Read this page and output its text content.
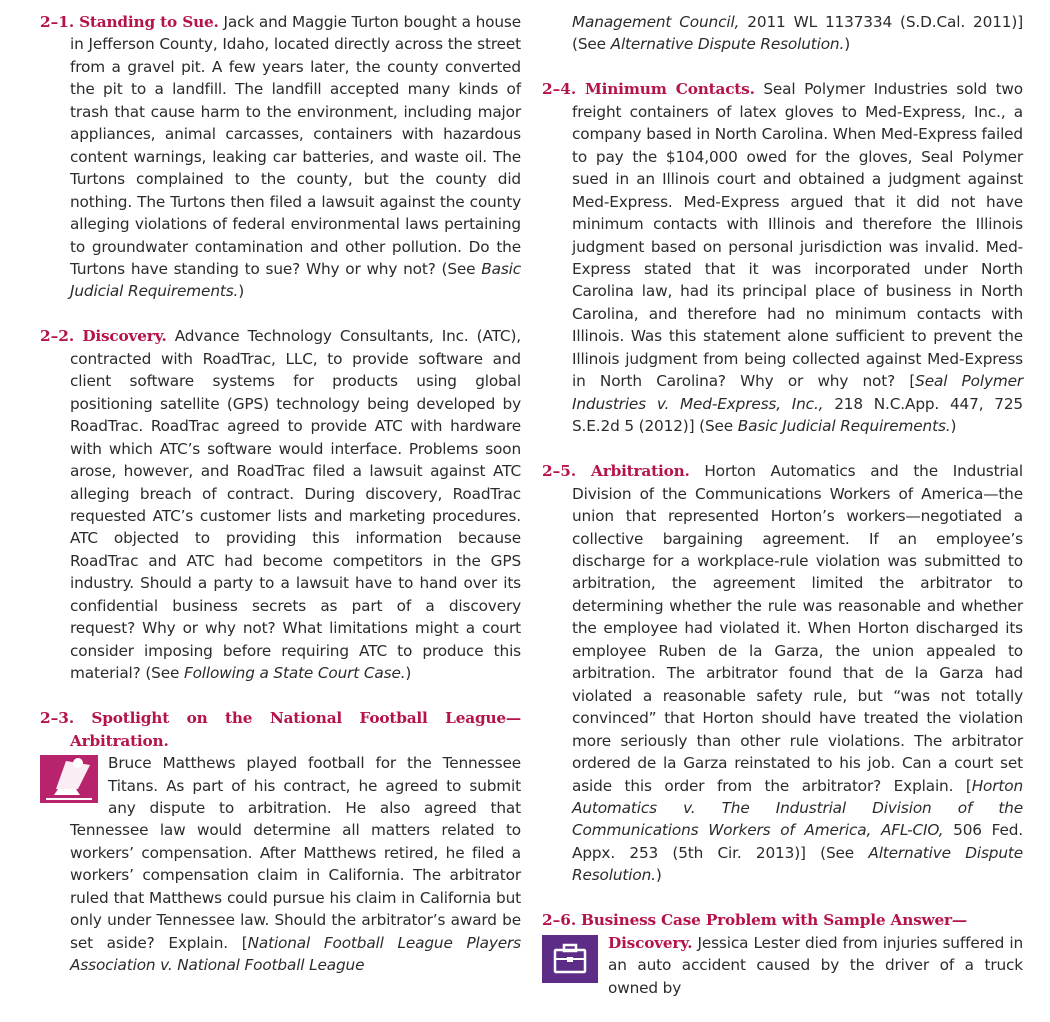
2–1. Standing to Sue. Jack and Maggie Turton bought a house in Jefferson County, Idaho, located directly across the street from a gravel pit. A few years later, the county converted the pit to a landfill. The landfill accepted many kinds of trash that cause harm to the environment, including major appliances, animal carcasses, containers with hazardous content warnings, leaking car batteries, and waste oil. The Turtons complained to the county, but the county did nothing. The Turtons then filed a lawsuit against the county alleging violations of federal environmental laws pertaining to groundwater contamination and other pollution. Do the Turtons have standing to sue? Why or why not? (See Basic Judicial Requirements.)
2–2. Discovery. Advance Technology Consultants, Inc. (ATC), contracted with RoadTrac, LLC, to provide software and client software systems for products using global positioning satellite (GPS) technology being developed by RoadTrac. RoadTrac agreed to provide ATC with hardware with which ATC’s software would interface. Problems soon arose, however, and RoadTrac filed a lawsuit against ATC alleging breach of contract. During discovery, RoadTrac requested ATC’s customer lists and marketing procedures. ATC objected to providing this information because RoadTrac and ATC had become competitors in the GPS industry. Should a party to a lawsuit have to hand over its confidential business secrets as part of a discovery request? Why or why not? What limitations might a court consider imposing before requiring ATC to produce this material? (See Following a State Court Case.)
2–3. Spotlight on the National Football League—Arbitration.
Bruce Matthews played football for the Tennessee Titans. As part of his contract, he agreed to submit any dispute to arbitration. He also agreed that Tennessee law would determine all matters related to workers’ compensation. After Matthews retired, he filed a workers’ compensation claim in California. The arbitrator ruled that Matthews could pursue his claim in California but only under Tennessee law. Should the arbitrator’s award be set aside? Explain. [National Football League Players Association v. National Football League
Management Council, 2011 WL 1137334 (S.D.Cal. 2011)] (See Alternative Dispute Resolution.)
2–4. Minimum Contacts. Seal Polymer Industries sold two freight containers of latex gloves to Med-Express, Inc., a company based in North Carolina. When Med-Express failed to pay the $104,000 owed for the gloves, Seal Polymer sued in an Illinois court and obtained a judgment against Med-Express. Med-Express argued that it did not have minimum contacts with Illinois and therefore the Illinois judgment based on personal jurisdiction was invalid. Med-Express stated that it was incorporated under North Carolina law, had its principal place of business in North Carolina, and therefore had no minimum contacts with Illinois. Was this statement alone sufficient to prevent the Illinois judgment from being collected against Med-Express in North Carolina? Why or why not? [Seal Polymer Industries v. Med-Express, Inc., 218 N.C.App. 447, 725 S.E.2d 5 (2012)] (See Basic Judicial Requirements.)
2–5. Arbitration. Horton Automatics and the Industrial Division of the Communications Workers of America—the union that represented Horton’s workers—negotiated a collective bargaining agreement. If an employee’s discharge for a workplace-rule violation was submitted to arbitration, the agreement limited the arbitrator to determining whether the rule was reasonable and whether the employee had violated it. When Horton discharged its employee Ruben de la Garza, the union appealed to arbitration. The arbitrator found that de la Garza had violated a reasonable safety rule, but “was not totally convinced” that Horton should have treated the violation more seriously than other rule violations. The arbitrator ordered de la Garza reinstated to his job. Can a court set aside this order from the arbitrator? Explain. [Horton Automatics v. The Industrial Division of the Communications Workers of America, AFL-CIO, 506 Fed. Appx. 253 (5th Cir. 2013)] (See Alternative Dispute Resolution.)
2–6. Business Case Problem with Sample Answer—
Discovery. Jessica Lester died from injuries suffered in an auto accident caused by the driver of a truck owned by
